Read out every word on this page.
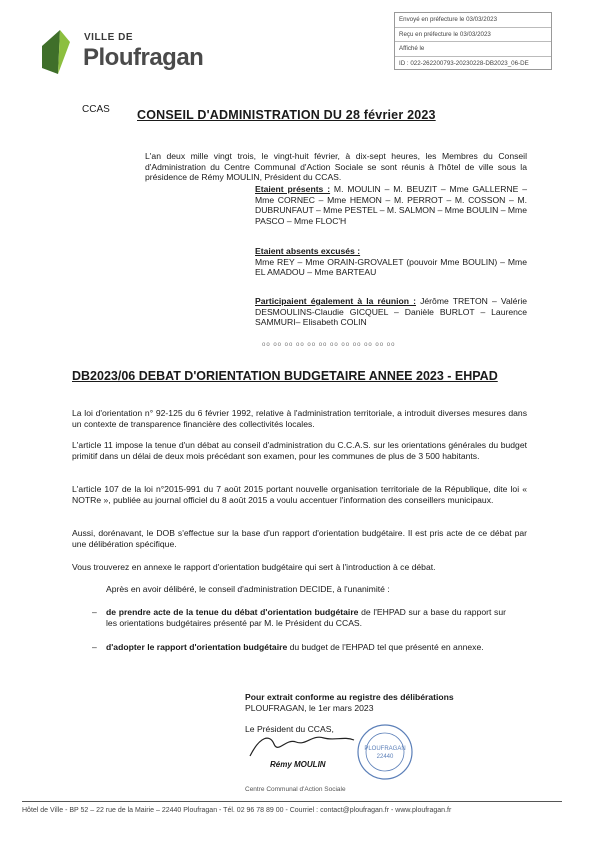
VILLE DE
Ploufragan
Envoyé en préfecture le 03/03/2023
Reçu en préfecture le 03/03/2023
Affiché le
ID : 022-262200793-20230228-DB2023_06-DE
CCAS CONSEIL D'ADMINISTRATION DU 28 février 2023
L'an deux mille vingt trois, le vingt-huit février, à dix-sept heures, les Membres du Conseil d'Administration du Centre Communal d'Action Sociale se sont réunis à l'hôtel de ville sous la présidence de Rémy MOULIN, Président du CCAS.
Etaient présents : M. MOULIN – M. BEUZIT – Mme GALLERNE – Mme CORNEC – Mme HEMON – M. PERROT – M. COSSON – M. DUBRUNFAUT – Mme PESTEL – M. SALMON – Mme BOULIN – Mme PASCO – Mme FLOC'H
Etaient absents excusés :
Mme REY – Mme ORAIN-GROVALET (pouvoir Mme BOULIN) – Mme EL AMADOU – Mme BARTEAU
Participaient également à la réunion : Jérôme TRETON – Valérie DESMOULINS-Claudie GICQUEL – Danièle BURLOT – Laurence SAMMURI– Elisabeth COLIN
oo oo oo oo oo oo oo oo oo oo oo oo
DB2023/06 DEBAT D'ORIENTATION BUDGETAIRE ANNEE 2023 - EHPAD
La loi d'orientation n° 92-125 du 6 février 1992, relative à l'administration territoriale, a introduit diverses mesures dans un contexte de transparence financière des collectivités locales.
L'article 11 impose la tenue d'un débat au conseil d'administration du C.C.A.S. sur les orientations générales du budget primitif dans un délai de deux mois précédant son examen, pour les communes de plus de 3 500 habitants.
L'article 107 de la loi n°2015-991 du 7 août 2015 portant nouvelle organisation territoriale de la République, dite loi « NOTRe », publiée au journal officiel du 8 août 2015 a voulu accentuer l'information des conseillers municipaux.
Aussi, dorénavant, le DOB s'effectue sur la base d'un rapport d'orientation budgétaire. Il est pris acte de ce débat par une délibération spécifique.
Vous trouverez en annexe le rapport d'orientation budgétaire qui sert à l'introduction à ce débat.
Après en avoir délibéré, le conseil d'administration DECIDE, à l'unanimité :
– de prendre acte de la tenue du débat d'orientation budgétaire de l'EHPAD sur a base du rapport sur les orientations budgétaires présenté par M. le Président du CCAS.
– d'adopter le rapport d'orientation budgétaire du budget de l'EHPAD tel que présenté en annexe.
Pour extrait conforme au registre des délibérations
PLOUFRAGAN, le 1er mars 2023
Le Président du CCAS,
PLOUFRAGAN
22440
Rémy MOULIN
Centre Communal d'Action Sociale
Hôtel de Ville - BP 52 – 22 rue de la Mairie – 22440 Ploufragan - Tél. 02 96 78 89 00 - Courriel : contact@ploufragan.fr - www.ploufragan.fr
